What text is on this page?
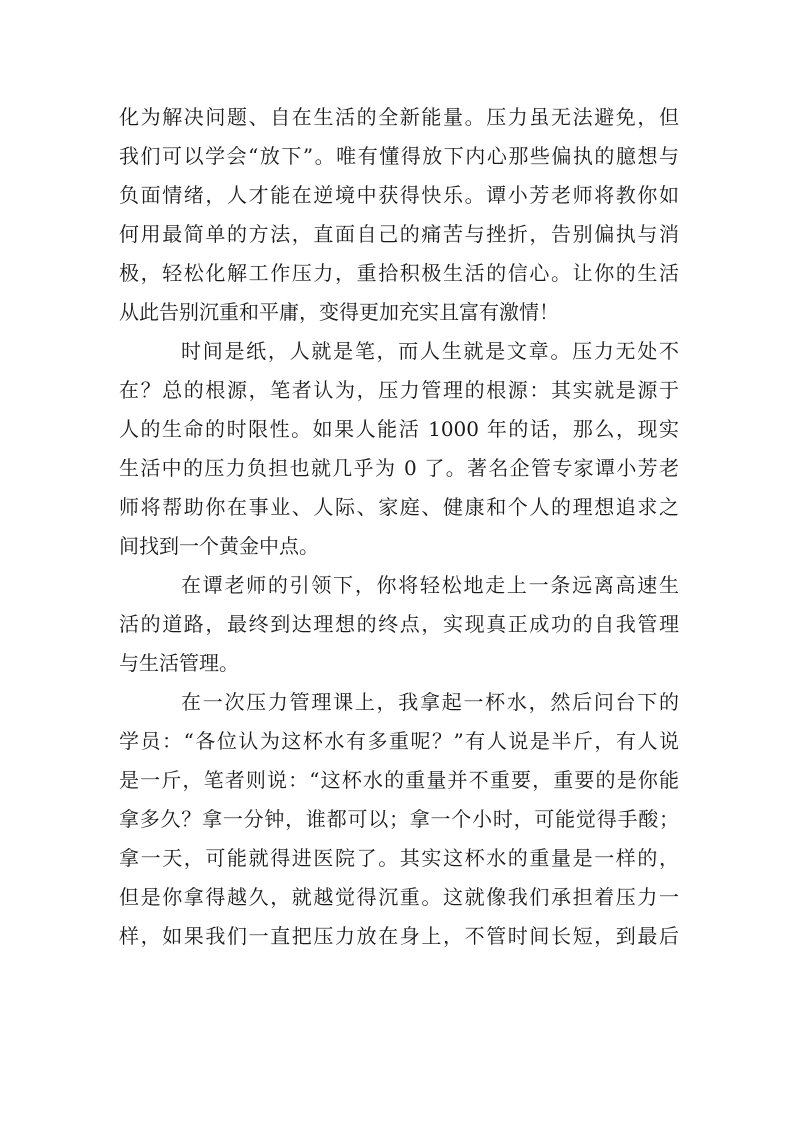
化为解决问题、自在生活的全新能量。压力虽无法避免，但
我们可以学会“放下”。唯有懂得放下内心那些偏执的臆想与
负面情绪，人才能在逆境中获得快乐。谭小芳老师将教你如
何用最简单的方法，直面自己的痛苦与挫折，告别偏执与消
极，轻松化解工作压力，重拾积极生活的信心。让你的生活
从此告别沉重和平庸，变得更加充实且富有激情！

时间是纸，人就是笔，而人生就是文章。压力无处不
在？总的根源，笔者认为，压力管理的根源：其实就是源于
人的生命的时限性。如果人能活 1000 年的话，那么，现实
生活中的压力负担也就几乎为 0 了。著名企管专家谭小芳老
师将帮助你在事业、人际、家庭、健康和个人的理想追求之
间找到一个黄金中点。

在谭老师的引领下，你将轻松地走上一条远离高速生
活的道路，最终到达理想的终点，实现真正成功的自我管理
与生活管理。

在一次压力管理课上，我拿起一杯水，然后问台下的
学员：“各位认为这杯水有多重呢？”有人说是半斤，有人说
是一斤，笔者则说：“这杯水的重量并不重要，重要的是你能
拿多久？拿一分钟，谁都可以；拿一个小时，可能觉得手酸；
拿一天，可能就得进医院了。其实这杯水的重量是一样的，
但是你拿得越久，就越觉得沉重。这就像我们承担着压力一
样，如果我们一直把压力放在身上，不管时间长短，到最后
